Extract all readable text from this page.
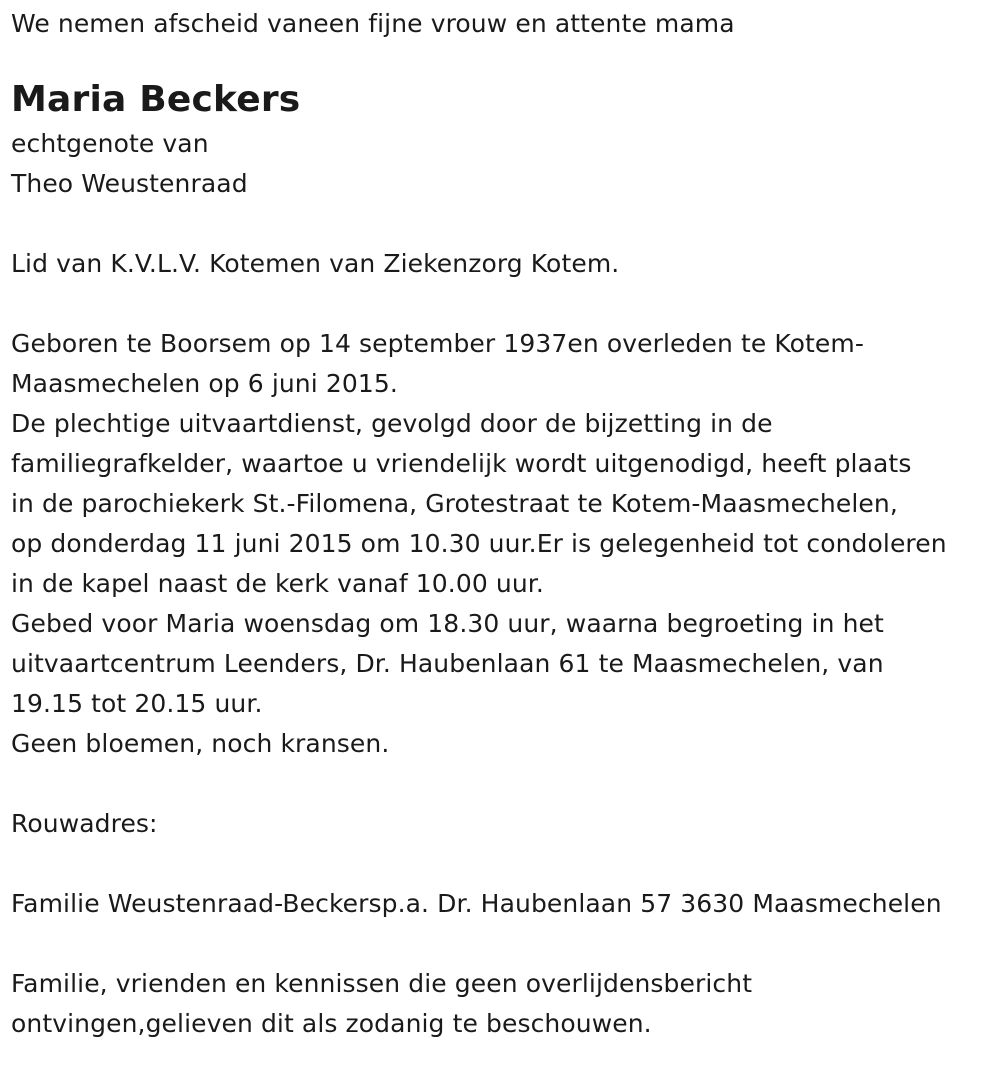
We nemen afscheid vaneen fijne vrouw en attente mama
Maria Beckers
echtgenote van
Theo Weustenraad
Lid van K.V.L.V. Kotemen van Ziekenzorg Kotem.
Geboren te Boorsem op 14 september 1937en overleden te Kotem-
Maasmechelen op 6 juni 2015.
De plechtige uitvaartdienst, gevolgd door de bijzetting in de
familiegrafkelder, waartoe u vriendelijk wordt uitgenodigd, heeft plaats
in de parochiekerk St.-Filomena, Grotestraat te Kotem-Maasmechelen,
op donderdag 11 juni 2015 om 10.30 uur.Er is gelegenheid tot condoleren
in de kapel naast de kerk vanaf 10.00 uur.
Gebed voor Maria woensdag om 18.30 uur, waarna begroeting in het
uitvaartcentrum Leenders, Dr. Haubenlaan 61 te Maasmechelen, van
19.15 tot 20.15 uur.
Geen bloemen, noch kransen.
Rouwadres:
Familie Weustenraad-Beckersp.a. Dr. Haubenlaan 57 3630 Maasmechelen
Familie, vrienden en kennissen die geen overlijdensbericht
ontvingen,gelieven dit als zodanig te beschouwen.
